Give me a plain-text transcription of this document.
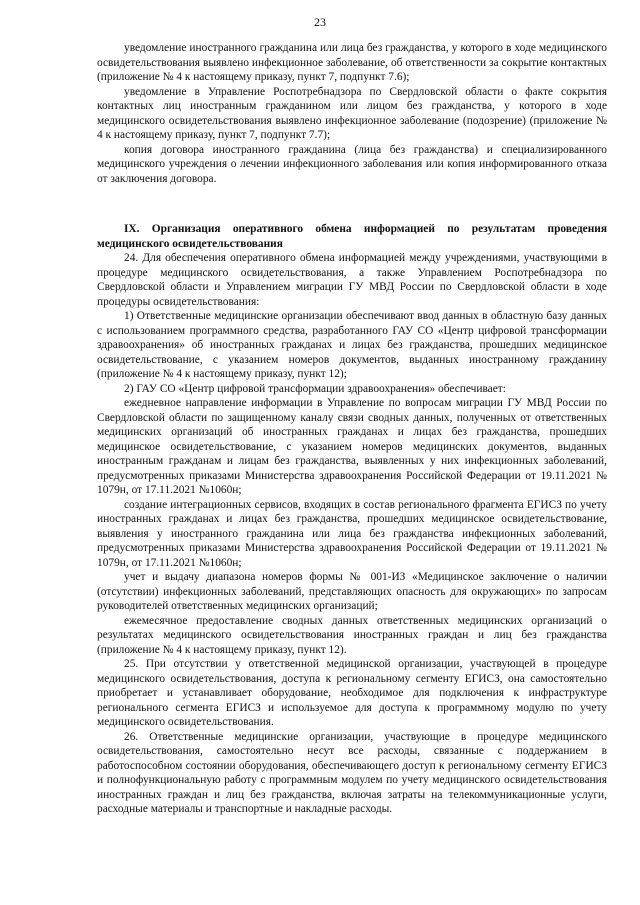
23

уведомление иностранного гражданина или лица без гражданства, у которого в ходе медицинского освидетельствования выявлено инфекционное заболевание, об ответственности за сокрытие контактных (приложение № 4 к настоящему приказу, пункт 7, подпункт 7.6);

уведомление в Управление Роспотребнадзора по Свердловской области о факте сокрытия контактных лиц иностранным гражданином или лицом без гражданства, у которого в ходе медицинского освидетельствования выявлено инфекционное заболевание (подозрение) (приложение № 4 к настоящему приказу, пункт 7, подпункт 7.7);

копия договора иностранного гражданина (лица без гражданства) и специализированного медицинского учреждения о лечении инфекционного заболевания или копия информированного отказа от заключения договора.

IX. Организация оперативного обмена информацией по результатам проведения медицинского освидетельствования

24. Для обеспечения оперативного обмена информацией между учреждениями, участвующими в процедуре медицинского освидетельствования, а также Управлением Роспотребнадзора по Свердловской области и Управлением миграции ГУ МВД России по Свердловской области в ходе процедуры освидетельствования:

1) Ответственные медицинские организации обеспечивают ввод данных в областную базу данных с использованием программного средства, разработанного ГАУ СО «Центр цифровой трансформации здравоохранения» об иностранных гражданах и лицах без гражданства, прошедших медицинское освидетельствование, с указанием номеров документов, выданных иностранному гражданину (приложение № 4 к настоящему приказу, пункт 12);

2) ГАУ СО «Центр цифровой трансформации здравоохранения» обеспечивает:

ежедневное направление информации в Управление по вопросам миграции ГУ МВД России по Свердловской области по защищенному каналу связи сводных данных, полученных от ответственных медицинских организаций об иностранных гражданах и лицах без гражданства, прошедших медицинское освидетельствование, с указанием номеров медицинских документов, выданных иностранным гражданам и лицам без гражданства, выявленных у них инфекционных заболеваний, предусмотренных приказами Министерства здравоохранения Российской Федерации от 19.11.2021 № 1079н, от 17.11.2021 №1060н;

создание интеграционных сервисов, входящих в состав регионального фрагмента ЕГИСЗ по учету иностранных гражданах и лицах без гражданства, прошедших медицинское освидетельствование, выявления у иностранного гражданина или лица без гражданства инфекционных заболеваний, предусмотренных приказами Министерства здравоохранения Российской Федерации от 19.11.2021 № 1079н, от 17.11.2021 №1060н;

учет и выдачу диапазона номеров формы № 001-ИЗ «Медицинское заключение о наличии (отсутствии) инфекционных заболеваний, представляющих опасность для окружающих» по запросам руководителей ответственных медицинских организаций;

ежемесячное предоставление сводных данных ответственных медицинских организаций о результатах медицинского освидетельствования иностранных граждан и лиц без гражданства (приложение № 4 к настоящему приказу, пункт 12).

25. При отсутствии у ответственной медицинской организации, участвующей в процедуре медицинского освидетельствования, доступа к региональному сегменту ЕГИСЗ, она самостоятельно приобретает и устанавливает оборудование, необходимое для подключения к инфраструктуре регионального сегмента ЕГИСЗ и используемое для доступа к программному модулю по учету медицинского освидетельствования.

26. Ответственные медицинские организации, участвующие в процедуре медицинского освидетельствования, самостоятельно несут все расходы, связанные с поддержанием в работоспособном состоянии оборудования, обеспечивающего доступ к региональному сегменту ЕГИСЗ и полнофункциональную работу с программным модулем по учету медицинского освидетельствования иностранных граждан и лиц без гражданства, включая затраты на телекоммуникационные услуги, расходные материалы и транспортные и накладные расходы.
